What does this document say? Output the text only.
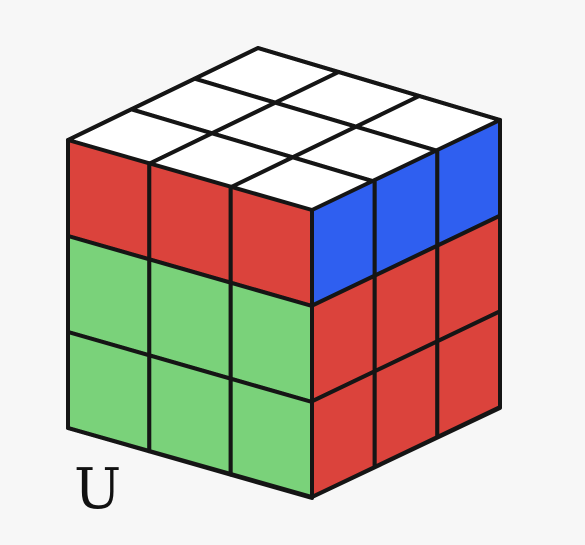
U
